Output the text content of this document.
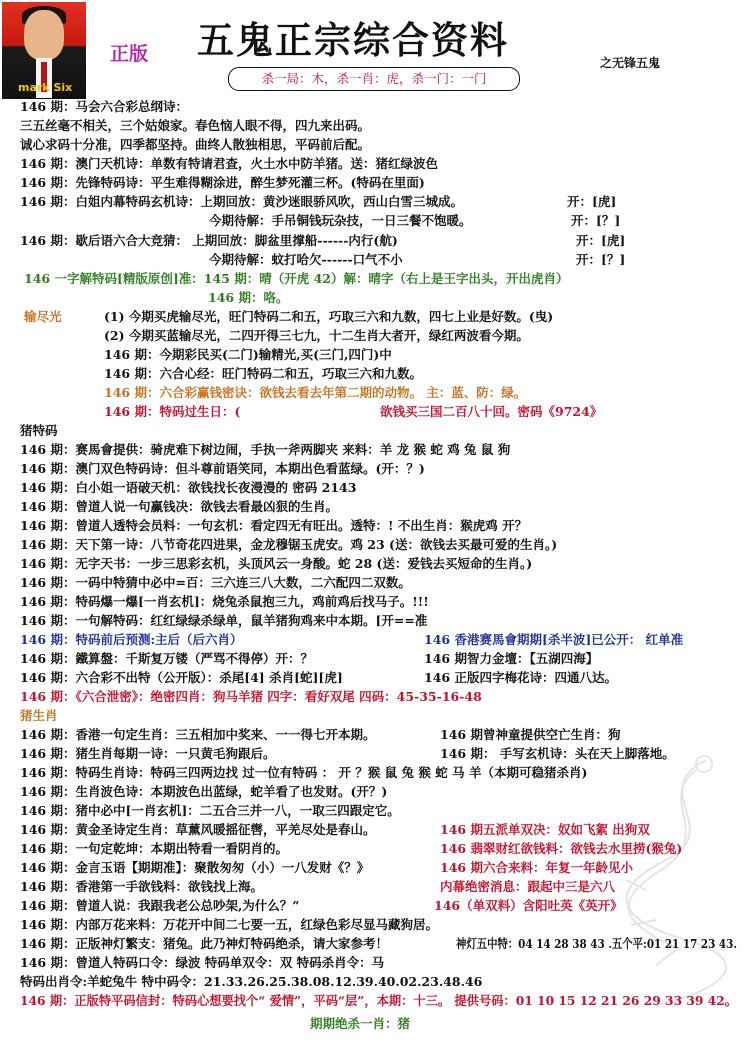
mark Six
正版 五鬼正宗综合资料
杀一局：木，杀一肖：虎，杀一门：一门
之无锋五鬼
146 期：马会六合彩总纲诗：
三五丝毫不相关，三个姑娘家。春色恼人眼不得，四九来出码。
诚心求码十分准，四季都坚持。曲终人散独相思，平码前后配。
146 期：澳门天机诗：单数有特请君查，火土水中防羊猪。送：猪红绿波色
146 期：先锋特码诗：平生难得糊涂进，醉生梦死灌三杯。(特码在里面)
146 期：白姐内幕特码玄机诗：上期回放：黄沙迷眼骄风吹，西山白雪三城成。	开：[虎]
今期待解：手吊铜钱玩杂技，一日三餐不饱暖。	开：[？]
146 期：歇后语六合大竞猜： 上期回放：脚盆里撑船------内行(航)	开：[虎]
今期待解：蚊打哈欠------口气不小	开：[？]
146 一字解特码[精版原创]准：145 期：晴（开虎 42）解：晴字（右上是王字出头，开出虎肖）
146 期：咯。
输尽光	(1) 今期买虎输尽光，旺门特码二和五，巧取三六和九数，四七上业是好数。(曳)
(2) 今期买蓝输尽光，二四开得三七九，十二生肖大者开，绿红两波看今期。
146 期：今期彩民买(二门)输精光,买(三门,四门)中
146 期：六合心经：旺门特码二和五，巧取三六和九数。
146 期：六合彩赢钱密诀：欲钱去看去年第二期的动物。 主：蓝、防：绿。
146 期：特码过生日：(	欲钱买三国二百八十回。密码《9724》
猪特码
146 期：赛馬會提供：骑虎难下树边闹，手执一斧两脚夹 来料：羊 龙 猴 蛇 鸡 兔 鼠 狗
146 期：澳门双色特码诗：但斗尊前语笑同，本期出色看蓝绿。(开：？)
146 期：白小姐一语破天机：欲钱找长夜漫漫的 密码 2143
146 期：曾道人说一句赢钱决：欲钱去看最凶狠的生肖。
146 期：曾道人透特会员料：一句玄机：看定四无有旺出。透特：! 不出生肖：猴虎鸡 开？
146 期：天下第一诗：八节奇花四进果，金龙穆锯玉虎安。鸡 23 (送：欲钱去买最可爱的生肖。)
146 期：无字天书：一步三思彩玄机，头顶风云一身酸。蛇 28 (送：爱钱去买短命的生肖。)
146 期：一码中特猜中必中=百：三六连三八大数，二六配四二双数。
146 期：特码爆一爆[一肖玄机]：烧兔杀鼠抱三九，鸡前鸡后找马子。!!!
146 期：一句解特码：红红绿绿杀绿单，鼠羊猪狗鸡来中本期。[开==准
146 期：特码前后预测:主后（后六肖）	146 香港赛馬會期期[杀半波]已公开： 红单准
146 期：鐵算盤：千斯复万镂（严骂不得停）开：？	146 期智力金壇：【五湖四海】
146 期：六合彩不出特（公开版）：杀尾[4] 杀肖[蛇][虎]	146 正版四字梅花诗：四通八达。
146 期：《六合泄密》：绝密四肖：狗马羊猪 四字：看好双尾 四码：45-35-16-48
猪生肖
146 期：香港一句定生肖：三五相加中奖来、一一得七开本期。	146 期曾神童提供空亡生肖：狗
146 期：猪生肖每期一诗：一只黄毛狗跟后。	146 期： 手写玄机诗：头在天上脚落地。
146 期：特码生肖诗：特码三四两边找 过一位有特码 ： 开 ？猴 鼠 兔 猴 蛇 马 羊（本期可稳猪杀肖)
146 期：生肖波色诗：本期波色出蓝绿，蛇羊看了也发财。(开？)
146 期：猪中必中[一肖玄机]：二五合三并一八，一取三四跟定它。
146 期：黄金圣诗定生肖：草薰风暖摇征辔，平羌尽处是春山。	146 期五派单双决：奴如飞絮 出狗双
146 期：一句定乾坤：本期出特看一看阴肖的。	146 翡翠财红欲钱料：欲钱去水里捞(猴兔)
146 期：金言玉语【期期准】：聚散匆匆（小）一八发财《？》	146 期六合来料：年复一年龄见小
146 期：香港第一手欲钱料：欲钱找上海。	内幕绝密消息：跟起中三是六八
146 期：曾道人说：我跟我老公总吵架,为什么？”	146（单双料）含阳吐英《英开》
146 期：内部万花来料：万花开中间二七要一五，红绿色彩尽显马藏狗居。
146 期：正版神灯繁支：猪兔。此乃神灯特码绝杀，请大家参考！	神灯五中特：04 14 28 38 43 .五个平:01 21 17 23 43.
146 期：曾道人特码口令：绿波 特码单双令：双 特码杀肖令：马
特码出肖令:羊蛇兔牛 特中码令：21.33.26.25.38.08.12.39.40.02.23.48.46
146 期：正版特平码信封：特码心想要找个“ 爱情”，平码“层”，本期：十三。 提供号码：01 10 15 12 21 26 29 33 39 42。
期期绝杀一肖：猪
